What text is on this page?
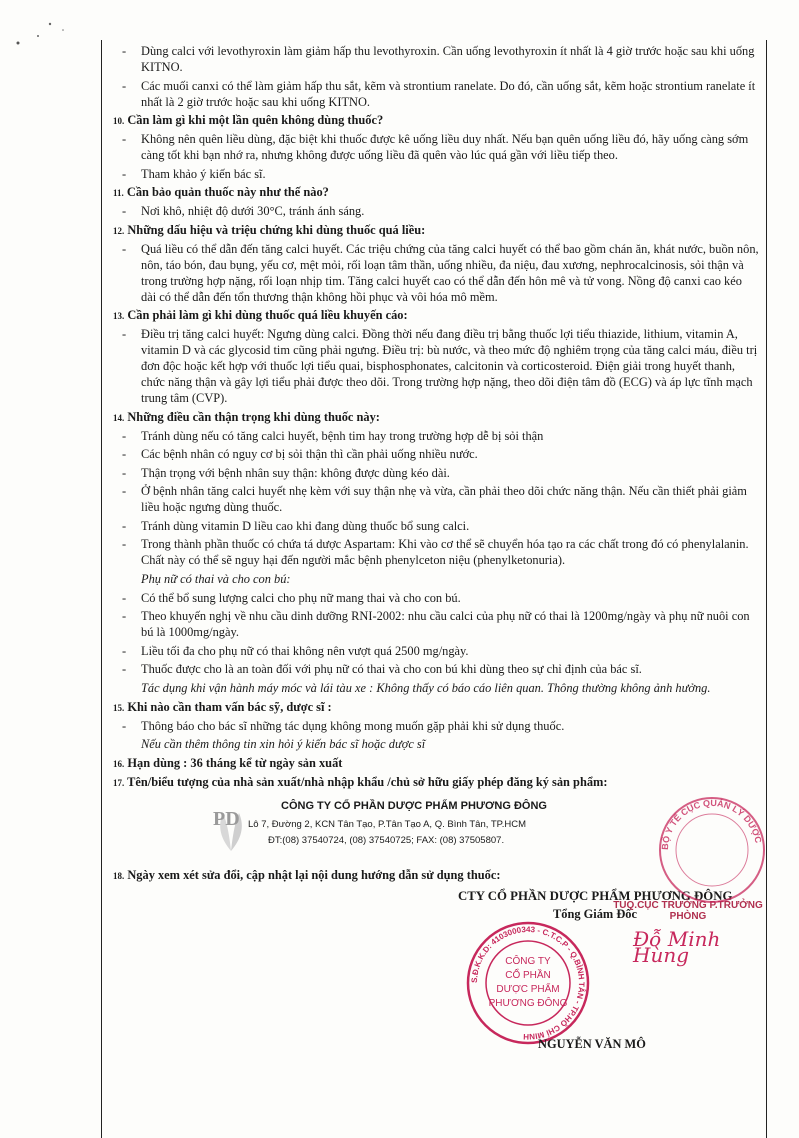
- Dùng calci với levothyroxin làm giảm hấp thu levothyroxin. Cần uống levothyroxin ít nhất là 4 giờ trước hoặc sau khi uống KITNO.
- Các muối canxi có thể làm giảm hấp thu sắt, kẽm và strontium ranelate. Do đó, cần uống sắt, kẽm hoặc strontium ranelate ít nhất là 2 giờ trước hoặc sau khi uống KITNO.
10. Cần làm gì khi một lần quên không dùng thuốc?
- Không nên quên liều dùng, đặc biệt khi thuốc được kê uống liều duy nhất. Nếu bạn quên uống liều đó, hãy uống càng sớm càng tốt khi bạn nhớ ra, nhưng không được uống liều đã quên vào lúc quá gần với liều tiếp theo.
- Tham khảo ý kiến bác sĩ.
11. Cần bảo quản thuốc này như thế nào?
- Nơi khô, nhiệt độ dưới 30°C, tránh ánh sáng.
12. Những dấu hiệu và triệu chứng khi dùng thuốc quá liều:
- Quá liều có thể dẫn đến tăng calci huyết. Các triệu chứng của tăng calci huyết có thể bao gồm chán ăn, khát nước, buồn nôn, nôn, táo bón, đau bụng, yếu cơ, mệt mỏi, rối loạn tâm thần, uống nhiều, đa niệu, đau xương, nephrocalcinosis, sỏi thận và trong trường hợp nặng, rối loạn nhịp tim. Tăng calci huyết cao có thể dẫn đến hôn mê và tử vong. Nồng độ canxi cao kéo dài có thể dẫn đến tổn thương thận không hồi phục và vôi hóa mô mềm.
13. Cần phải làm gì khi dùng thuốc quá liều khuyến cáo:
- Điều trị tăng calci huyết: Ngưng dùng calci. Đồng thời nếu đang điều trị bằng thuốc lợi tiểu thiazide, lithium, vitamin A, vitamin D và các glycosid tim cũng phải ngưng. Điều trị: bù nước, và theo mức độ nghiêm trọng của tăng calci máu, điều trị đơn độc hoặc kết hợp với thuốc lợi tiểu quai, bisphosphonates, calcitonin và corticosteroid. Điện giải trong huyết thanh, chức năng thận và gây lợi tiểu phải được theo dõi. Trong trường hợp nặng, theo dõi điện tâm đồ (ECG) và áp lực tĩnh mạch trung tâm (CVP).
14. Những điều cần thận trọng khi dùng thuốc này:
- Tránh dùng nếu có tăng calci huyết, bệnh tim hay trong trường hợp dễ bị sỏi thận
- Các bệnh nhân có nguy cơ bị sỏi thận thì cần phải uống nhiều nước.
- Thận trọng với bệnh nhân suy thận: không được dùng kéo dài.
- Ở bệnh nhân tăng calci huyết nhẹ kèm với suy thận nhẹ và vừa, cần phải theo dõi chức năng thận. Nếu cần thiết phải giảm liều hoặc ngưng dùng thuốc.
- Tránh dùng vitamin D liều cao khi đang dùng thuốc bổ sung calci.
- Trong thành phần thuốc có chứa tá dược Aspartam: Khi vào cơ thể sẽ chuyển hóa tạo ra các chất trong đó có phenylalanin. Chất này có thể sẽ nguy hại đến người mắc bệnh phenylceton niệu (phenylketonuria).
Phụ nữ có thai và cho con bú:
- Có thể bổ sung lượng calci cho phụ nữ mang thai và cho con bú.
- Theo khuyến nghị về nhu cầu dinh dưỡng RNI-2002: nhu cầu calci của phụ nữ có thai là 1200mg/ngày và phụ nữ nuôi con bú là 1000mg/ngày.
- Liều tối đa cho phụ nữ có thai không nên vượt quá 2500 mg/ngày.
- Thuốc được cho là an toàn đối với phụ nữ có thai và cho con bú khi dùng theo sự chỉ định của bác sĩ.
Tác dụng khi vận hành máy móc và lái tàu xe : Không thấy có báo cáo liên quan. Thông thường không ảnh hưởng.
15. Khi nào cần tham vấn bác sỹ, dược sĩ :
- Thông báo cho bác sĩ những tác dụng không mong muốn gặp phải khi sử dụng thuốc.
Nếu cần thêm thông tin xin hỏi ý kiến bác sĩ hoặc dược sĩ
16. Hạn dùng : 36 tháng kể từ ngày sản xuất
17. Tên/biểu tượng của nhà sản xuất/nhà nhập khẩu /chủ sở hữu giấy phép đăng ký sản phẩm:
PD
CÔNG TY CỔ PHẦN DƯỢC PHẨM PHƯƠNG ĐÔNG
Lô 7, Đường 2, KCN Tân Tạo, P.Tân Tạo A, Q. Bình Tân, TP.HCM
ĐT:(08) 37540724, (08) 37540725; FAX: (08) 37505807.
18. Ngày xem xét sửa đổi, cập nhật lại nội dung hướng dẫn sử dụng thuốc:
CTY CỔ PHẦN DƯỢC PHẨM PHƯƠNG ĐÔNG
Tổng Giám Đốc
S.Đ.K.K.D: 4103000343 - C.T.C.P - Q.BÌNH TÂN - TP.HỒ CHÍ MINH
CÔNG TY
CỔ PHẦN
DƯỢC PHẨM
PHƯƠNG ĐÔNG
TUQ.CỤC TRƯỞNG P.TRƯỞNG PHÒNG
Đỗ Minh Hùng
NGUYỄN VĂN MÔ
BỘ Y TẾ CỤC QUẢN LÝ DƯỢC
